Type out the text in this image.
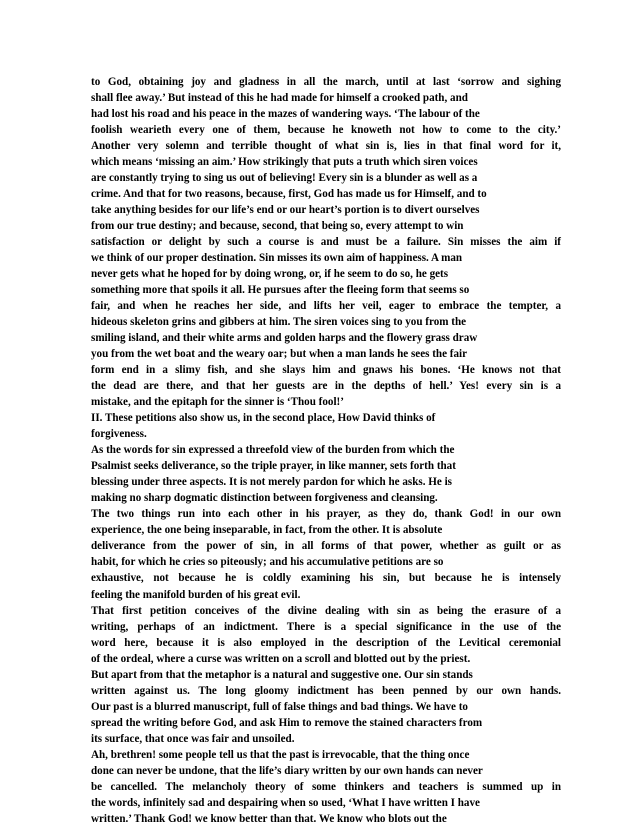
to God, obtaining joy and gladness in all the march, until at last ‘sorrow and sighing
shall flee away.’ But instead of this he had made for himself a crooked path, and
had lost his road and his peace in the mazes of wandering ways. ‘The labour of the
foolish wearieth every one of them, because he knoweth not how to come to the city.’
Another very solemn and terrible thought of what sin is, lies in that final word for it,
which means ‘missing an aim.’ How strikingly that puts a truth which siren voices
are constantly trying to sing us out of believing! Every sin is a blunder as well as a
crime. And that for two reasons, because, first, God has made us for Himself, and to
take anything besides for our life’s end or our heart’s portion is to divert ourselves
from our true destiny; and because, second, that being so, every attempt to win
satisfaction or delight by such a course is and must be a failure. Sin misses the aim if
we think of our proper destination. Sin misses its own aim of happiness. A man
never gets what he hoped for by doing wrong, or, if he seem to do so, he gets
something more that spoils it all. He pursues after the fleeing form that seems so
fair, and when he reaches her side, and lifts her veil, eager to embrace the tempter, a
hideous skeleton grins and gibbers at him. The siren voices sing to you from the
smiling island, and their white arms and golden harps and the flowery grass draw
you from the wet boat and the weary oar; but when a man lands he sees the fair
form end in a slimy fish, and she slays him and gnaws his bones. ‘He knows not that
the dead are there, and that her guests are in the depths of hell.’ Yes! every sin is a
mistake, and the epitaph for the sinner is ‘Thou fool!’
II. These petitions also show us, in the second place, How David thinks of
forgiveness.
As the words for sin expressed a threefold view of the burden from which the
Psalmist seeks deliverance, so the triple prayer, in like manner, sets forth that
blessing under three aspects. It is not merely pardon for which he asks. He is
making no sharp dogmatic distinction between forgiveness and cleansing.
The two things run into each other in his prayer, as they do, thank God! in our own
experience, the one being inseparable, in fact, from the other. It is absolute
deliverance from the power of sin, in all forms of that power, whether as guilt or as
habit, for which he cries so piteously; and his accumulative petitions are so
exhaustive, not because he is coldly examining his sin, but because he is intensely
feeling the manifold burden of his great evil.
That first petition conceives of the divine dealing with sin as being the erasure of a
writing, perhaps of an indictment. There is a special significance in the use of the
word here, because it is also employed in the description of the Levitical ceremonial
of the ordeal, where a curse was written on a scroll and blotted out by the priest.
But apart from that the metaphor is a natural and suggestive one. Our sin stands
written against us. The long gloomy indictment has been penned by our own hands.
Our past is a blurred manuscript, full of false things and bad things. We have to
spread the writing before God, and ask Him to remove the stained characters from
its surface, that once was fair and unsoiled.
Ah, brethren! some people tell us that the past is irrevocable, that the thing once
done can never be undone, that the life’s diary written by our own hands can never
be cancelled. The melancholy theory of some thinkers and teachers is summed up in
the words, infinitely sad and despairing when so used, ‘What I have written I have
written.’ Thank God! we know better than that. We know who blots out the
